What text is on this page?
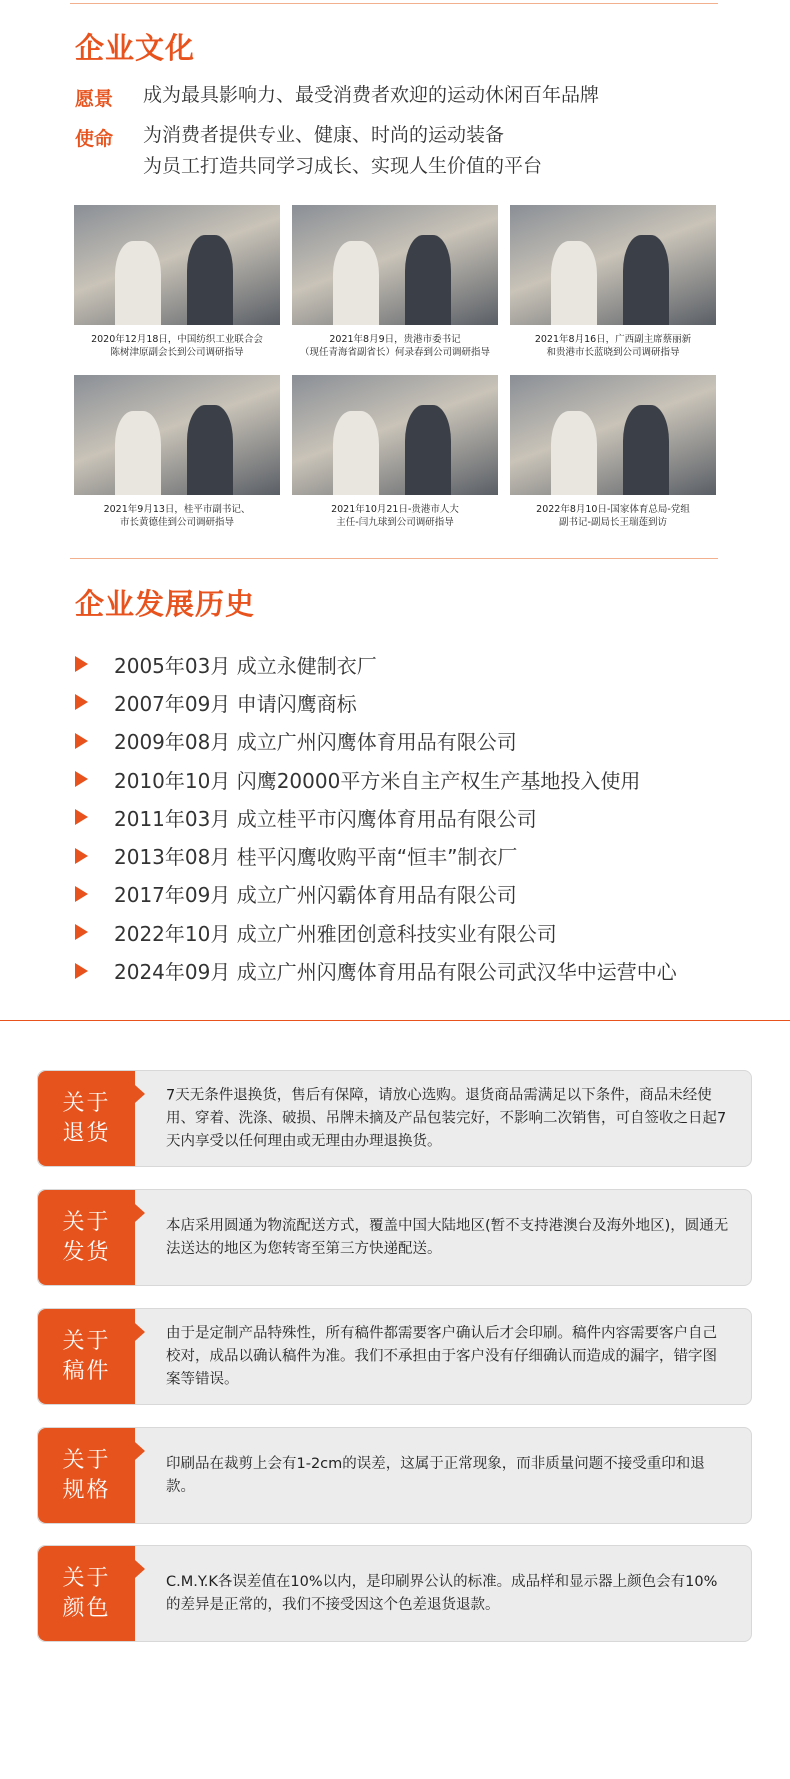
企业文化
愿景	成为最具影响力、最受消费者欢迎的运动休闲百年品牌
使命	为消费者提供专业、健康、时尚的运动装备
为员工打造共同学习成长、实现人生价值的平台
2020年12月18日，中国纺织工业联合会
陈树津原副会长到公司调研指导
2021年8月9日，贵港市委书记
（现任青海省副省长）何录春到公司调研指导
2021年8月16日，广西副主席蔡丽新
和贵港市长蓝晓到公司调研指导
2021年9月13日，桂平市副书记、
市长黄德佳到公司调研指导
2021年10月21日-贵港市人大
主任-闫九球到公司调研指导
2022年8月10日-国家体育总局-党组
副书记-副局长王瑞莲到访
企业发展历史
2005年03月 成立永健制衣厂
2007年09月 申请闪鹰商标
2009年08月 成立广州闪鹰体育用品有限公司
2010年10月 闪鹰20000平方米自主产权生产基地投入使用
2011年03月 成立桂平市闪鹰体育用品有限公司
2013年08月 桂平闪鹰收购平南“恒丰”制衣厂
2017年09月 成立广州闪霸体育用品有限公司
2022年10月 成立广州雅团创意科技实业有限公司
2024年09月 成立广州闪鹰体育用品有限公司武汉华中运营中心
关于
退货
7天无条件退换货，售后有保障，请放心选购。退货商品需满足以下条件，商品未经使用、穿着、洗涤、破损、吊牌未摘及产品包装完好，不影响二次销售，可自签收之日起7天内享受以任何理由或无理由办理退换货。
关于
发货
本店采用圆通为物流配送方式，覆盖中国大陆地区(暂不支持港澳台及海外地区)，圆通无法送达的地区为您转寄至第三方快递配送。
关于
稿件
由于是定制产品特殊性，所有稿件都需要客户确认后才会印刷。稿件内容需要客户自己校对，成品以确认稿件为准。我们不承担由于客户没有仔细确认而造成的漏字，错字图案等错误。
关于
规格
印刷品在裁剪上会有1-2cm的误差，这属于正常现象，而非质量问题不接受重印和退款。
关于
颜色
C.M.Y.K各误差值在10%以内，是印刷界公认的标准。成品样和显示器上颜色会有10%的差异是正常的，我们不接受因这个色差退货退款。
